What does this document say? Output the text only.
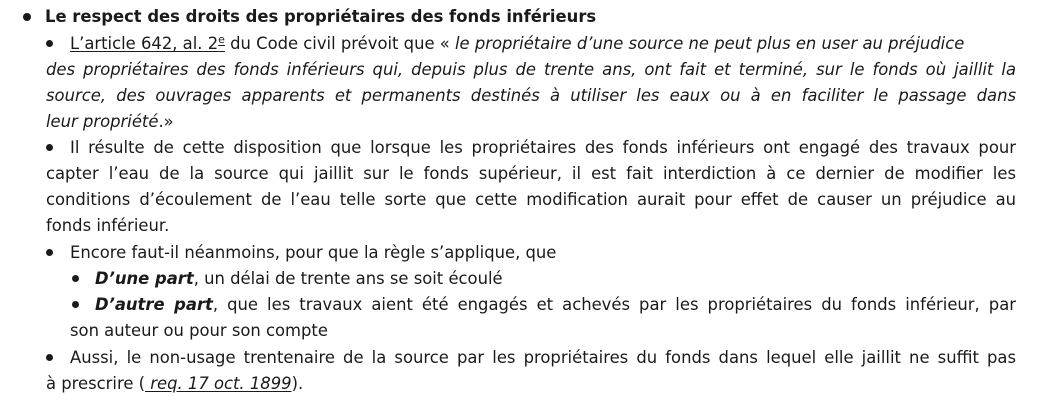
Le respect des droits des propriétaires des fonds inférieurs
L’article 642, al. 2e du Code civil prévoit que « le propriétaire d’une source ne peut plus en user au préjudice
des propriétaires des fonds inférieurs qui, depuis plus de trente ans, ont fait et terminé, sur le fonds où jaillit la
source, des ouvrages apparents et permanents destinés à utiliser les eaux ou à en faciliter le passage dans
leur propriété.»
Il résulte de cette disposition que lorsque les propriétaires des fonds inférieurs ont engagé des travaux pour
capter l’eau de la source qui jaillit sur le fonds supérieur, il est fait interdiction à ce dernier de modifier les
conditions d’écoulement de l’eau telle sorte que cette modification aurait pour effet de causer un préjudice au
fonds inférieur.
Encore faut-il néanmoins, pour que la règle s’applique, que
D’une part, un délai de trente ans se soit écoulé
D’autre part, que les travaux aient été engagés et achevés par les propriétaires du fonds inférieur, par
son auteur ou pour son compte
Aussi, le non-usage trentenaire de la source par les propriétaires du fonds dans lequel elle jaillit ne suffit pas
à prescrire ( req. 17 oct. 1899).
